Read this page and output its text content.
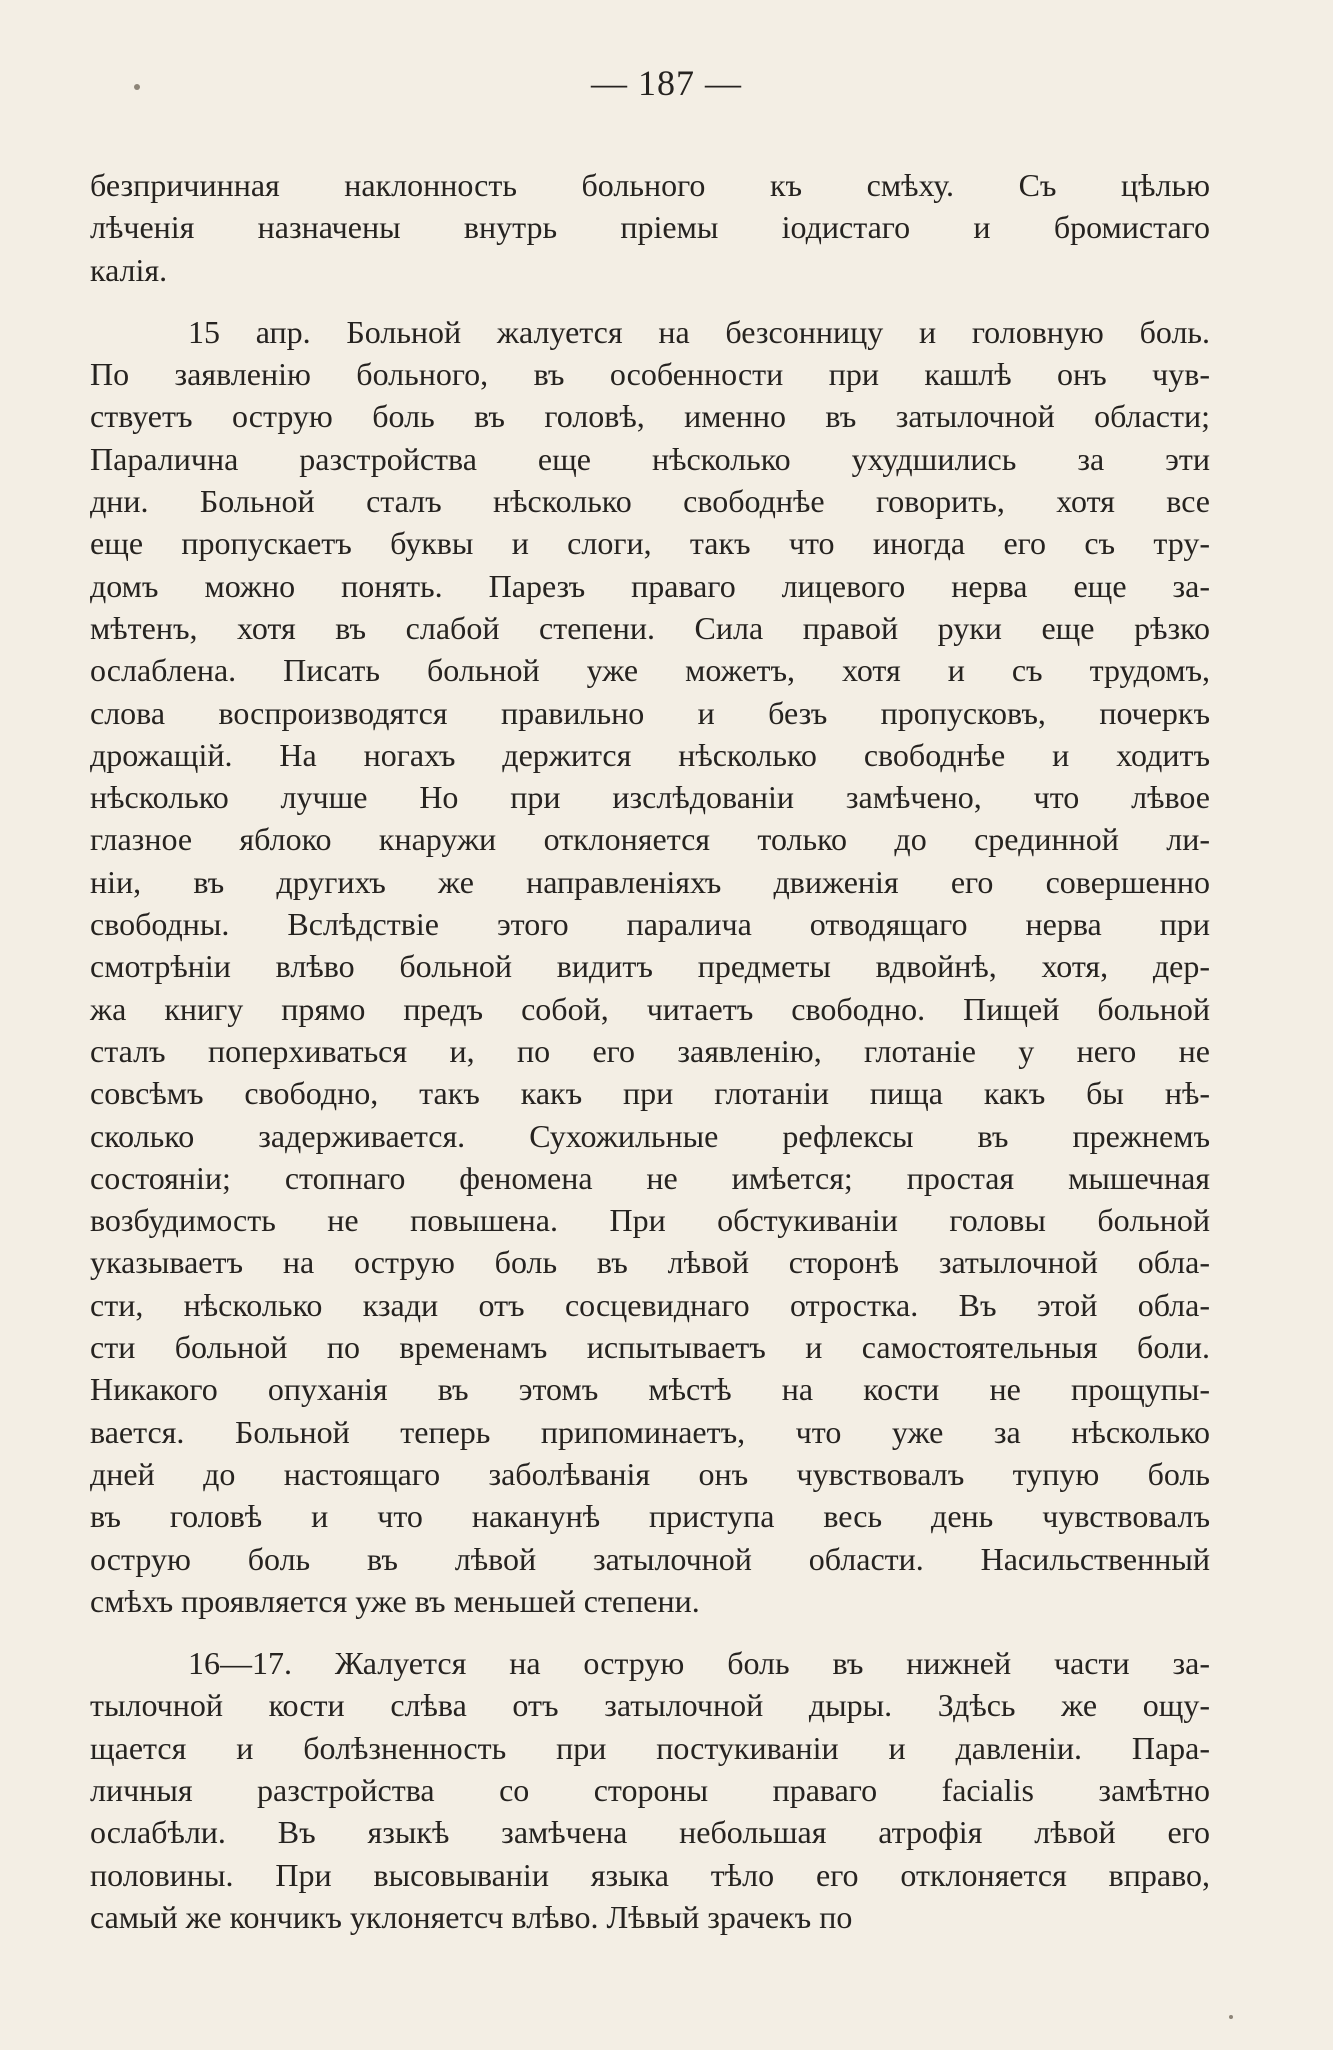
— 187 —
безпричинная наклонность больного къ смѣху. Съ цѣлью
лѣченія назначены внутрь пріемы іодистаго и бромистаго
калія.
15 апр. Больной жалуется на безсонницу и головную боль.
По заявленію больного, въ особенности при кашлѣ онъ чув-
ствуетъ острую боль въ головѣ, именно въ затылочной области;
Паралична разстройства еще нѣсколько ухудшились за эти
дни. Больной сталъ нѣсколько свободнѣе говорить, хотя все
еще пропускаетъ буквы и слоги, такъ что иногда его съ тру-
домъ можно понять. Парезъ праваго лицевого нерва еще за-
мѣтенъ, хотя въ слабой степени. Сила правой руки еще рѣзко
ослаблена. Писать больной уже можетъ, хотя и съ трудомъ,
слова воспроизводятся правильно и безъ пропусковъ, почеркъ
дрожащій. На ногахъ держится нѣсколько свободнѣе и ходитъ
нѣсколько лучше Но при изслѣдованіи замѣчено, что лѣвое
глазное яблоко кнаружи отклоняется только до срединной ли-
ніи, въ другихъ же направленіяхъ движенія его совершенно
свободны. Вслѣдствіе этого паралича отводящаго нерва при
смотрѣніи влѣво больной видитъ предметы вдвойнѣ, хотя, дер-
жа книгу прямо предъ собой, читаетъ свободно. Пищей больной
сталъ поперхиваться и, по его заявленію, глотаніе у него не
совсѣмъ свободно, такъ какъ при глотаніи пища какъ бы нѣ-
сколько задерживается. Сухожильные рефлексы въ прежнемъ
состояніи; стопнаго феномена не имѣется; простая мышечная
возбудимость не повышена. При обстукиваніи головы больной
указываетъ на острую боль въ лѣвой сторонѣ затылочной обла-
сти, нѣсколько кзади отъ сосцевиднаго отростка. Въ этой обла-
сти больной по временамъ испытываетъ и самостоятельныя боли.
Никакого опуханія въ этомъ мѣстѣ на кости не прощупы-
вается. Больной теперь припоминаетъ, что уже за нѣсколько
дней до настоящаго заболѣванія онъ чувствовалъ тупую боль
въ головѣ и что наканунѣ приступа весь день чувствовалъ
острую боль въ лѣвой затылочной области. Насильственный
смѣхъ проявляется уже въ меньшей степени.
16—17. Жалуется на острую боль въ нижней части за-
тылочной кости слѣва отъ затылочной дыры. Здѣсь же ощу-
щается и болѣзненность при постукиваніи и давленіи. Пара-
личныя разстройства со стороны праваго facialis замѣтно
ослабѣли. Въ языкѣ замѣчена небольшая атрофія лѣвой его
половины. При высовываніи языка тѣло его отклоняется вправо,
самый же кончикъ уклоняетсч влѣво. Лѣвый зрачекъ по
